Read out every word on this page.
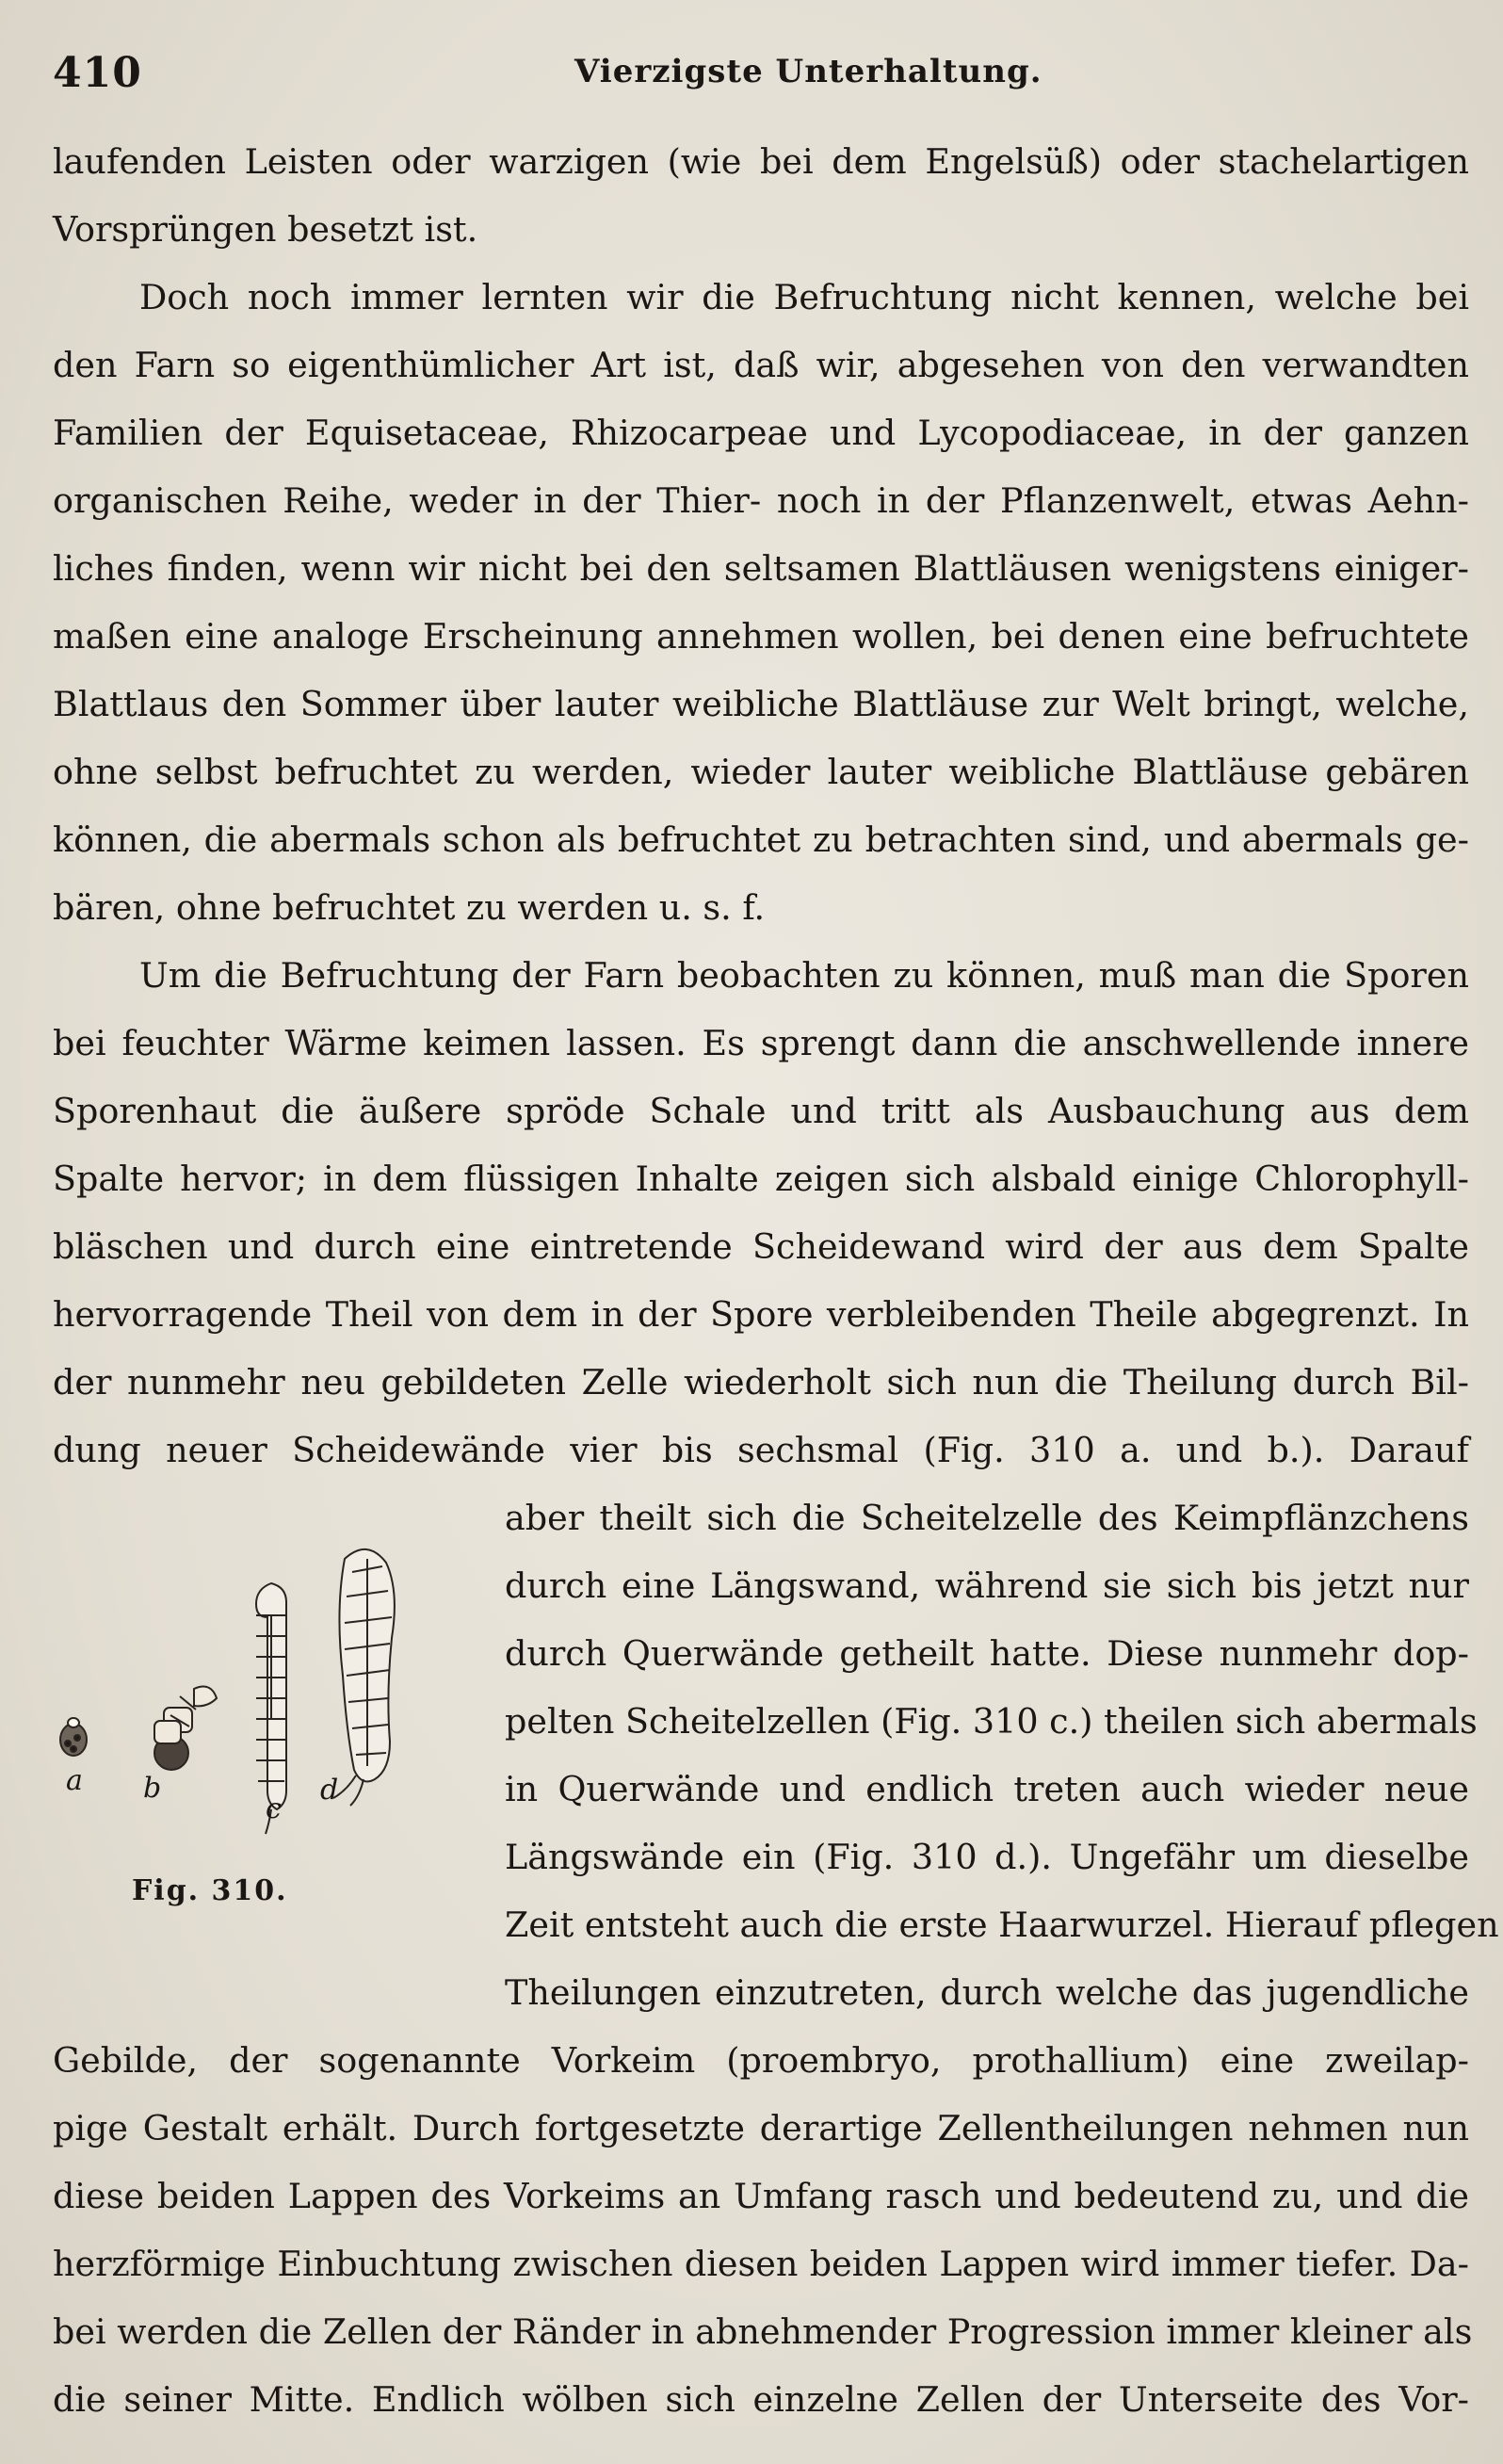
410	Vierzigste Unterhaltung.
laufenden Leisten oder warzigen (wie bei dem Engelsüß) oder stachelartigen
Vorsprüngen besetzt ist.
Doch noch immer lernten wir die Befruchtung nicht kennen, welche bei
den Farn so eigenthümlicher Art ist, daß wir, abgesehen von den verwandten
Familien der Equisetaceae, Rhizocarpeae und Lycopodiaceae, in der ganzen
organischen Reihe, weder in der Thier- noch in der Pflanzenwelt, etwas Aehn-
liches finden, wenn wir nicht bei den seltsamen Blattläusen wenigstens einiger-
maßen eine analoge Erscheinung annehmen wollen, bei denen eine befruchtete
Blattlaus den Sommer über lauter weibliche Blattläuse zur Welt bringt, welche,
ohne selbst befruchtet zu werden, wieder lauter weibliche Blattläuse gebären
können, die abermals schon als befruchtet zu betrachten sind, und abermals ge-
bären, ohne befruchtet zu werden u. s. f.
Um die Befruchtung der Farn beobachten zu können, muß man die Sporen
bei feuchter Wärme keimen lassen. Es sprengt dann die anschwellende innere
Sporenhaut die äußere spröde Schale und tritt als Ausbauchung aus dem
Spalte hervor; in dem flüssigen Inhalte zeigen sich alsbald einige Chlorophyll-
bläschen und durch eine eintretende Scheidewand wird der aus dem Spalte
hervorragende Theil von dem in der Spore verbleibenden Theile abgegrenzt. In
der nunmehr neu gebildeten Zelle wiederholt sich nun die Theilung durch Bil-
dung neuer Scheidewände vier bis sechsmal (Fig. 310 a. und b.). Darauf
aber theilt sich die Scheitelzelle des Keimpflänzchens
durch eine Längswand, während sie sich bis jetzt nur
durch Querwände getheilt hatte. Diese nunmehr dop-
pelten Scheitelzellen (Fig. 310 c.) theilen sich abermals
in Querwände und endlich treten auch wieder neue
Längswände ein (Fig. 310 d.). Ungefähr um dieselbe
Zeit entsteht auch die erste Haarwurzel. Hierauf pflegen
Theilungen einzutreten, durch welche das jugendliche
Gebilde, der sogenannte Vorkeim (proembryo, prothallium) eine zweilap-
pige Gestalt erhält. Durch fortgesetzte derartige Zellentheilungen nehmen nun
diese beiden Lappen des Vorkeims an Umfang rasch und bedeutend zu, und die
herzförmige Einbuchtung zwischen diesen beiden Lappen wird immer tiefer. Da-
bei werden die Zellen der Ränder in abnehmender Progression immer kleiner als
die seiner Mitte. Endlich wölben sich einzelne Zellen der Unterseite des Vor-
a b
c
d
Fig. 310.
